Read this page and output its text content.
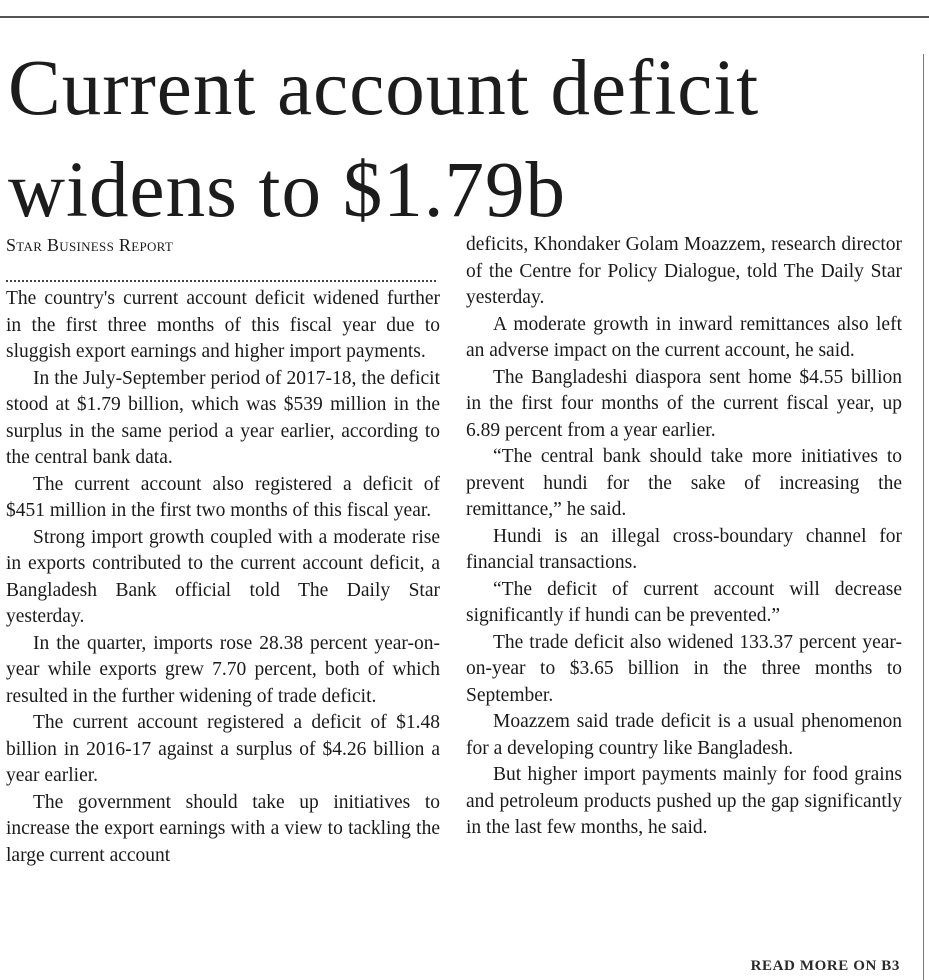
Current account deficit
widens to $1.79b
Star Business Report

The country's current account deficit widened further in the first three months of this fiscal year due to sluggish export earnings and higher import payments.

In the July-September period of 2017-18, the deficit stood at $1.79 billion, which was $539 million in the surplus in the same period a year earlier, according to the central bank data.

The current account also registered a deficit of $451 million in the first two months of this fiscal year.

Strong import growth coupled with a moderate rise in exports contributed to the current account deficit, a Bangladesh Bank official told The Daily Star yesterday.

In the quarter, imports rose 28.38 percent year-on-year while exports grew 7.70 percent, both of which resulted in the further widening of trade deficit.

The current account registered a deficit of $1.48 billion in 2016-17 against a surplus of $4.26 billion a year earlier.

The government should take up initiatives to increase the export earnings with a view to tackling the large current account

deficits, Khondaker Golam Moazzem, research director of the Centre for Policy Dialogue, told The Daily Star yesterday.

A moderate growth in inward remittances also left an adverse impact on the current account, he said.

The Bangladeshi diaspora sent home $4.55 billion in the first four months of the current fiscal year, up 6.89 percent from a year earlier.

“The central bank should take more initiatives to prevent hundi for the sake of increasing the remittance,” he said.

Hundi is an illegal cross-boundary channel for financial transactions.

“The deficit of current account will decrease significantly if hundi can be prevented.”

The trade deficit also widened 133.37 percent year-on-year to $3.65 billion in the three months to September.

Moazzem said trade deficit is a usual phenomenon for a developing country like Bangladesh.

But higher import payments mainly for food grains and petroleum products pushed up the gap significantly in the last few months, he said.

READ MORE ON B3
